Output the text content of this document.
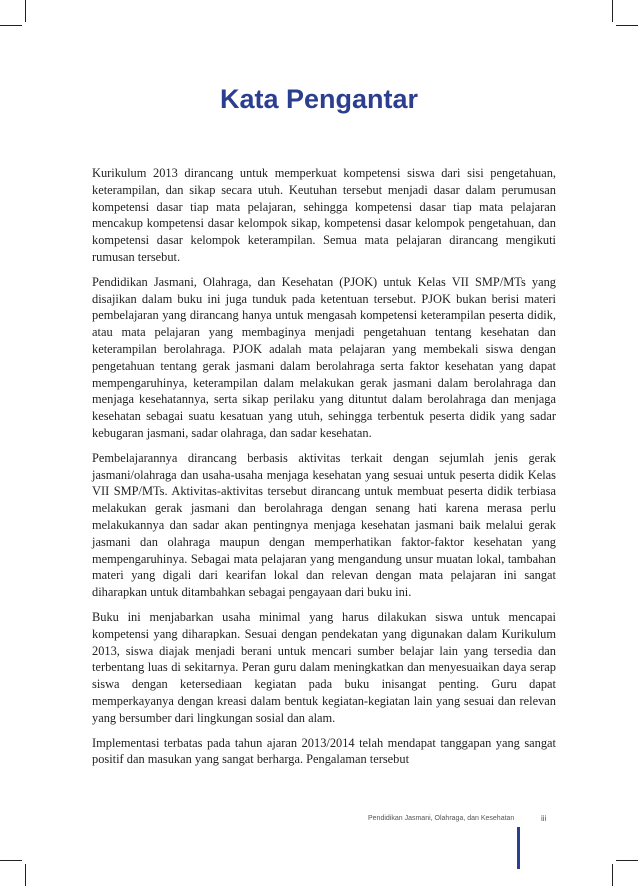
Kata Pengantar

Kurikulum 2013 dirancang untuk memperkuat kompetensi siswa dari sisi pengetahuan, keterampilan, dan sikap secara utuh. Keutuhan tersebut menjadi dasar dalam perumusan kompetensi dasar tiap mata pelajaran, sehingga kompetensi dasar tiap mata pelajaran mencakup kompetensi dasar kelompok sikap, kompetensi dasar kelompok pengetahuan, dan kompetensi dasar kelompok keterampilan. Semua mata pelajaran dirancang mengikuti rumusan tersebut.

Pendidikan Jasmani, Olahraga, dan Kesehatan (PJOK) untuk Kelas VII SMP/MTs yang disajikan dalam buku ini juga tunduk pada ketentuan tersebut. PJOK bukan berisi materi pembelajaran yang dirancang hanya untuk mengasah kompetensi keterampilan peserta didik, atau mata pelajaran yang membaginya menjadi pengetahuan tentang kesehatan dan keterampilan berolahraga. PJOK adalah mata pelajaran yang membekali siswa dengan pengetahuan tentang gerak jasmani dalam berolahraga serta faktor kesehatan yang dapat mempengaruhinya, keterampilan dalam melakukan gerak jasmani dalam berolahraga dan menjaga kesehatannya, serta sikap perilaku yang dituntut dalam berolahraga dan menjaga kesehatan sebagai suatu kesatuan yang utuh, sehingga terbentuk peserta didik yang sadar kebugaran jasmani, sadar olahraga, dan sadar kesehatan.

Pembelajarannya dirancang berbasis aktivitas terkait dengan sejumlah jenis gerak jasmani/olahraga dan usaha-usaha menjaga kesehatan yang sesuai untuk peserta didik Kelas VII SMP/MTs. Aktivitas-aktivitas tersebut dirancang untuk membuat peserta didik terbiasa melakukan gerak jasmani dan berolahraga dengan senang hati karena merasa perlu melakukannya dan sadar akan pentingnya menjaga kesehatan jasmani baik melalui gerak jasmani dan olahraga maupun dengan memperhatikan faktor-faktor kesehatan yang mempengaruhinya. Sebagai mata pelajaran yang mengandung unsur muatan lokal, tambahan materi yang digali dari kearifan lokal dan relevan dengan mata pelajaran ini sangat diharapkan untuk ditambahkan sebagai pengayaan dari buku ini.

Buku ini menjabarkan usaha minimal yang harus dilakukan siswa untuk mencapai kompetensi yang diharapkan. Sesuai dengan pendekatan yang digunakan dalam Kurikulum 2013, siswa diajak menjadi berani untuk mencari sumber belajar lain yang tersedia dan terbentang luas di sekitarnya. Peran guru dalam meningkatkan dan menyesuaikan daya serap siswa dengan ketersediaan kegiatan pada buku inisangat penting. Guru dapat memperkayanya dengan kreasi dalam bentuk kegiatan-kegiatan lain yang sesuai dan relevan yang bersumber dari lingkungan sosial dan alam.

Implementasi terbatas pada tahun ajaran 2013/2014 telah mendapat tanggapan yang sangat positif dan masukan yang sangat berharga. Pengalaman tersebut

Pendidikan Jasmani, Olahraga, dan Kesehatan	iii
